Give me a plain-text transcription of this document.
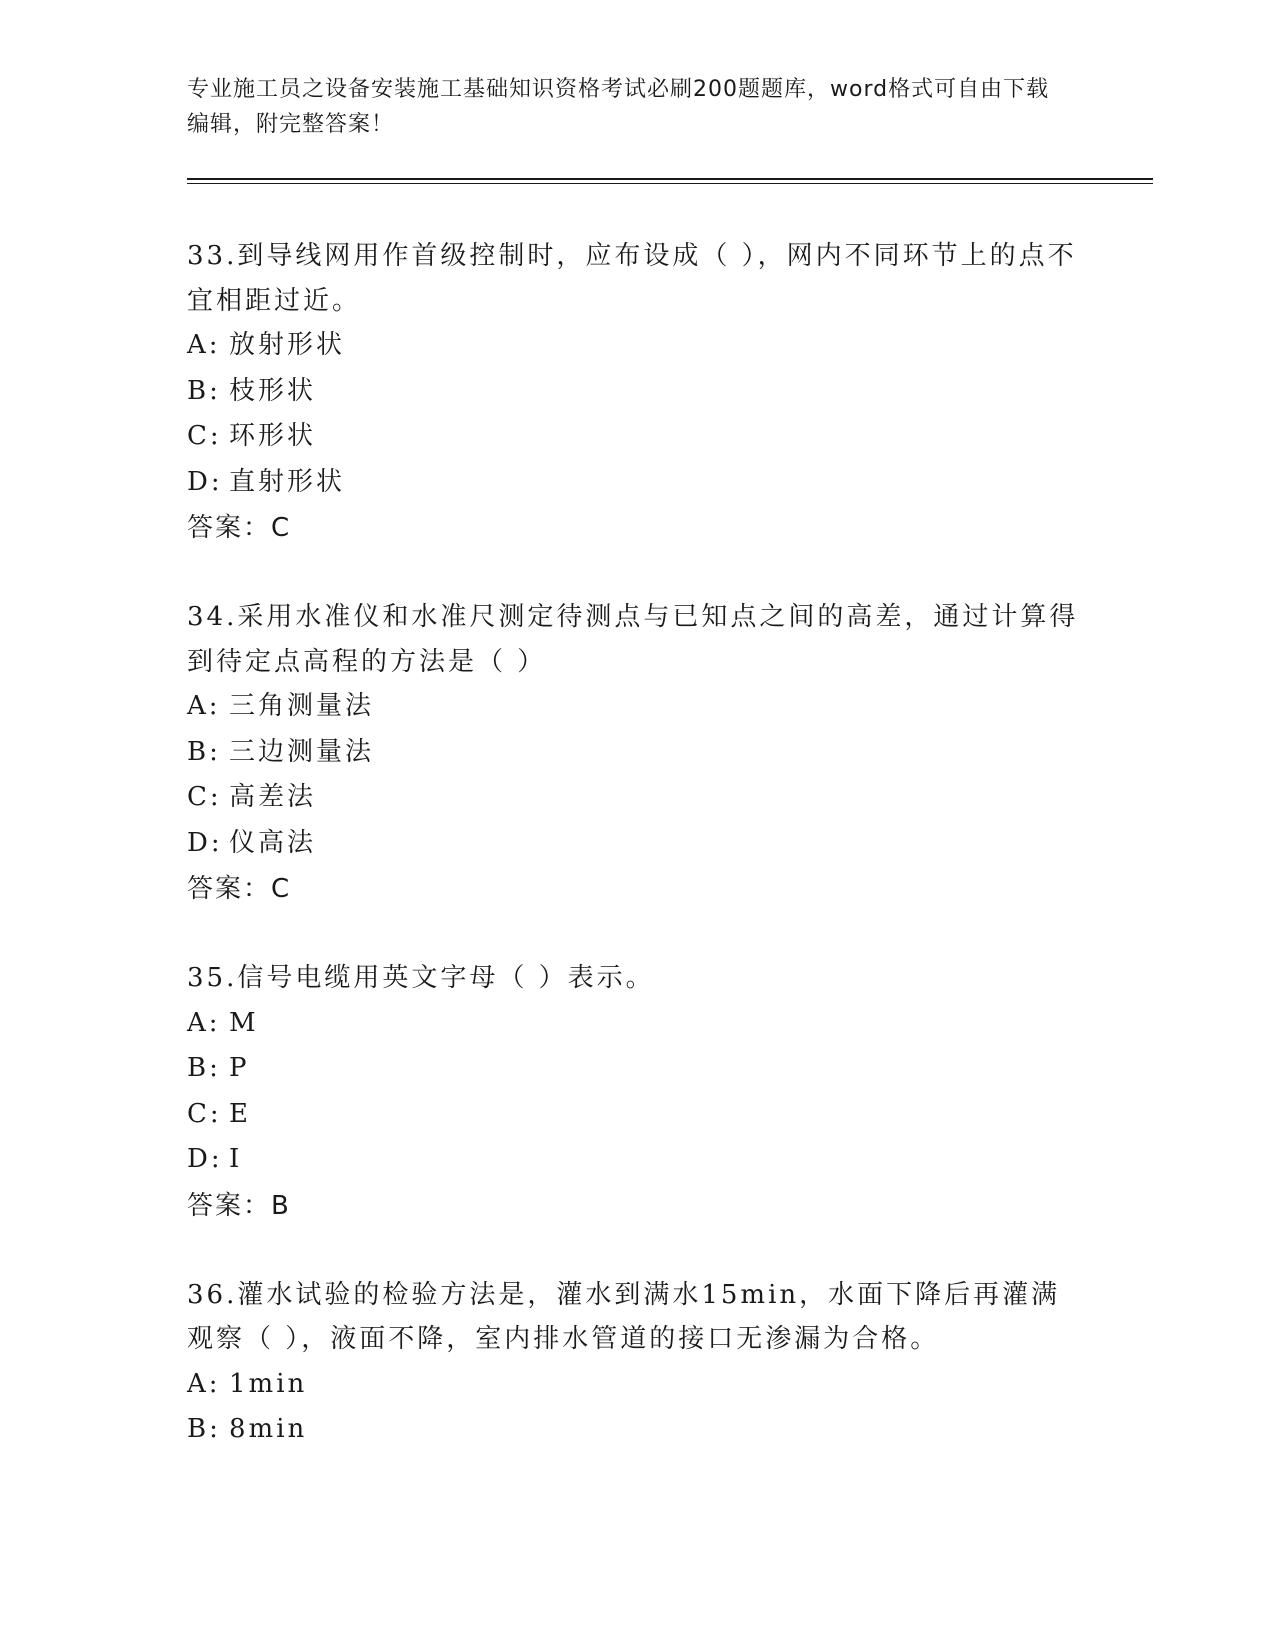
专业施工员之设备安装施工基础知识资格考试必刷200题题库，word格式可自由下载编辑，附完整答案！

33.到导线网用作首级控制时，应布设成（ ），网内不同环节上的点不宜相距过近。

A: 放射形状

B: 枝形状

C: 环形状

D: 直射形状

答案：C

34.采用水准仪和水准尺测定待测点与已知点之间的高差，通过计算得到待定点高程的方法是（ ）

A: 三角测量法

B: 三边测量法

C: 高差法

D: 仪高法

答案：C

35.信号电缆用英文字母（ ）表示。

A: M

B: P

C: E

D: I

答案：B

36.灌水试验的检验方法是，灌水到满水15min，水面下降后再灌满观察（ ），液面不降，室内排水管道的接口无渗漏为合格。

A: 1min

B: 8min
